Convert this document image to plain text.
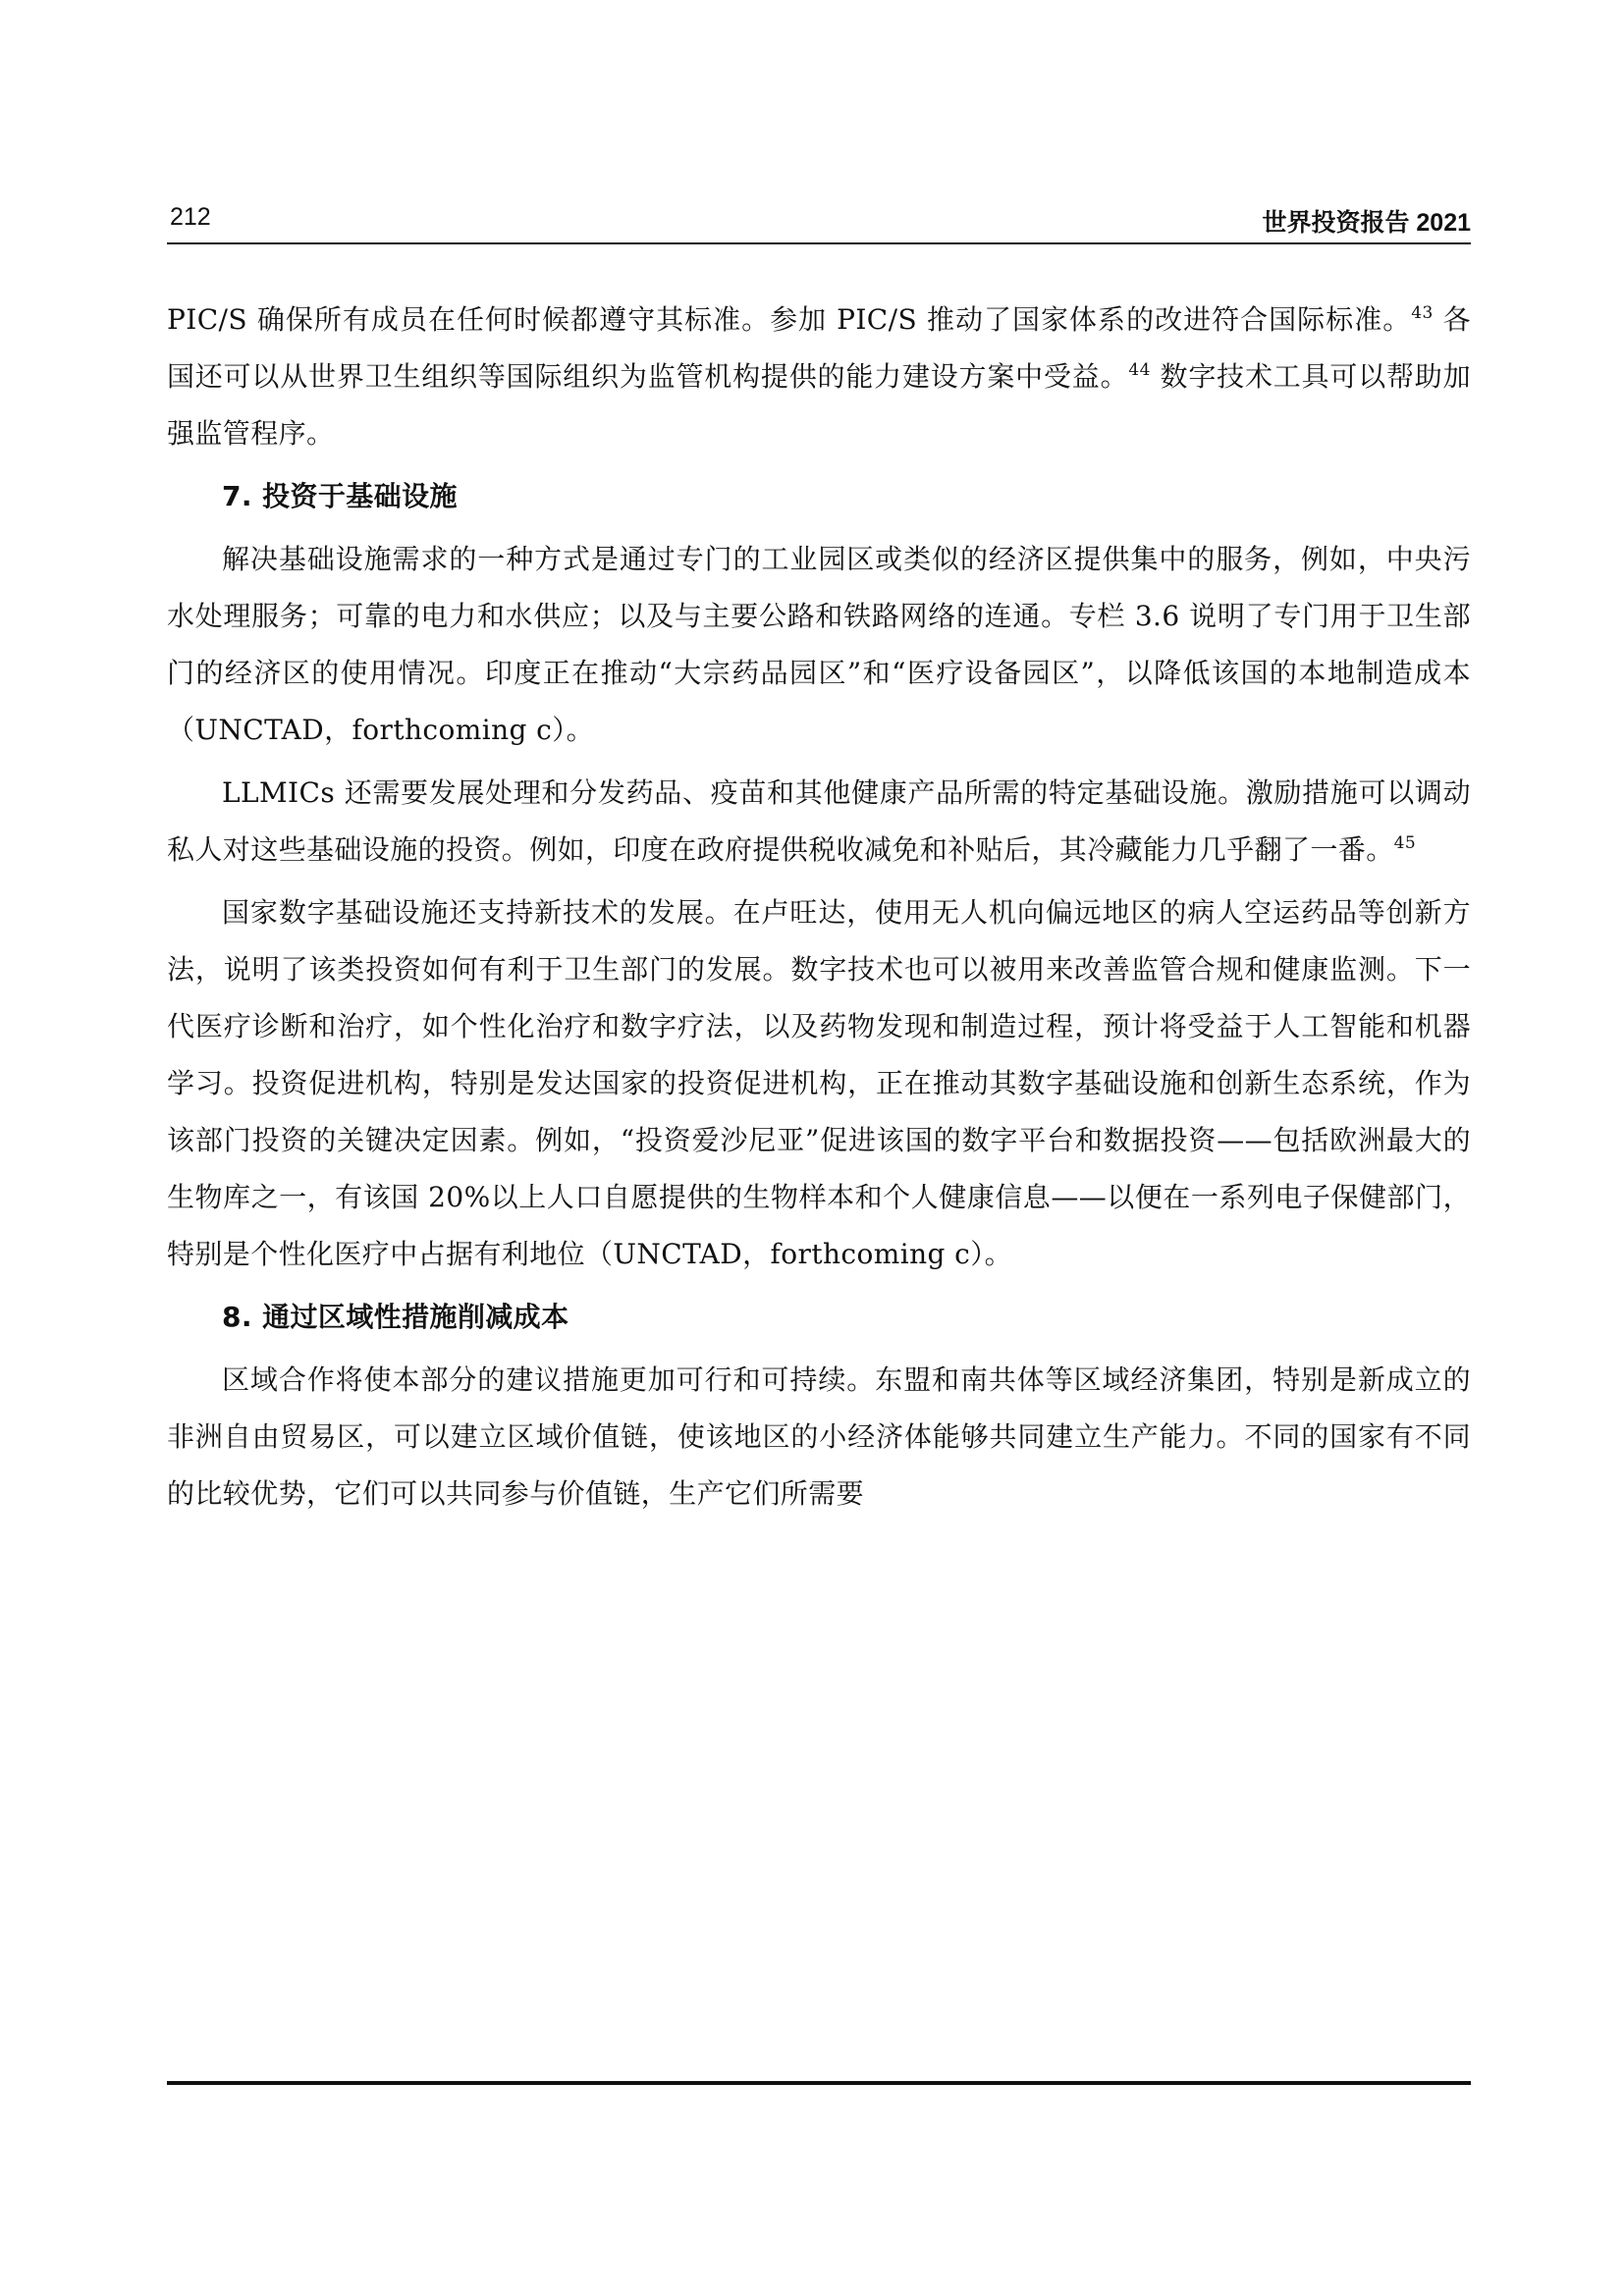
212	世界投资报告 2021

PIC/S 确保所有成员在任何时候都遵守其标准。参加 PIC/S 推动了国家体系的改进符合国际标准。$^{43}$ 各国还可以从世界卫生组织等国际组织为监管机构提供的能力建设方案中受益。$^{44}$ 数字技术工具可以帮助加强监管程序。

7. 投资于基础设施

解决基础设施需求的一种方式是通过专门的工业园区或类似的经济区提供集中的服务，例如，中央污水处理服务；可靠的电力和水供应；以及与主要公路和铁路网络的连通。专栏 3.6 说明了专门用于卫生部门的经济区的使用情况。印度正在推动“大宗药品园区”和“医疗设备园区”，以降低该国的本地制造成本（UNCTAD，forthcoming c）。

LLMICs 还需要发展处理和分发药品、疫苗和其他健康产品所需的特定基础设施。激励措施可以调动私人对这些基础设施的投资。例如，印度在政府提供税收减免和补贴后，其冷藏能力几乎翻了一番。$^{45}$

国家数字基础设施还支持新技术的发展。在卢旺达，使用无人机向偏远地区的病人空运药品等创新方法，说明了该类投资如何有利于卫生部门的发展。数字技术也可以被用来改善监管合规和健康监测。下一代医疗诊断和治疗，如个性化治疗和数字疗法，以及药物发现和制造过程，预计将受益于人工智能和机器学习。投资促进机构，特别是发达国家的投资促进机构，正在推动其数字基础设施和创新生态系统，作为该部门投资的关键决定因素。例如，“投资爱沙尼亚”促进该国的数字平台和数据投资——包括欧洲最大的生物库之一，有该国 20%以上人口自愿提供的生物样本和个人健康信息——以便在一系列电子保健部门，特别是个性化医疗中占据有利地位（UNCTAD，forthcoming c）。

8. 通过区域性措施削减成本

区域合作将使本部分的建议措施更加可行和可持续。东盟和南共体等区域经济集团，特别是新成立的非洲自由贸易区，可以建立区域价值链，使该地区的小经济体能够共同建立生产能力。不同的国家有不同的比较优势，它们可以共同参与价值链，生产它们所需要
